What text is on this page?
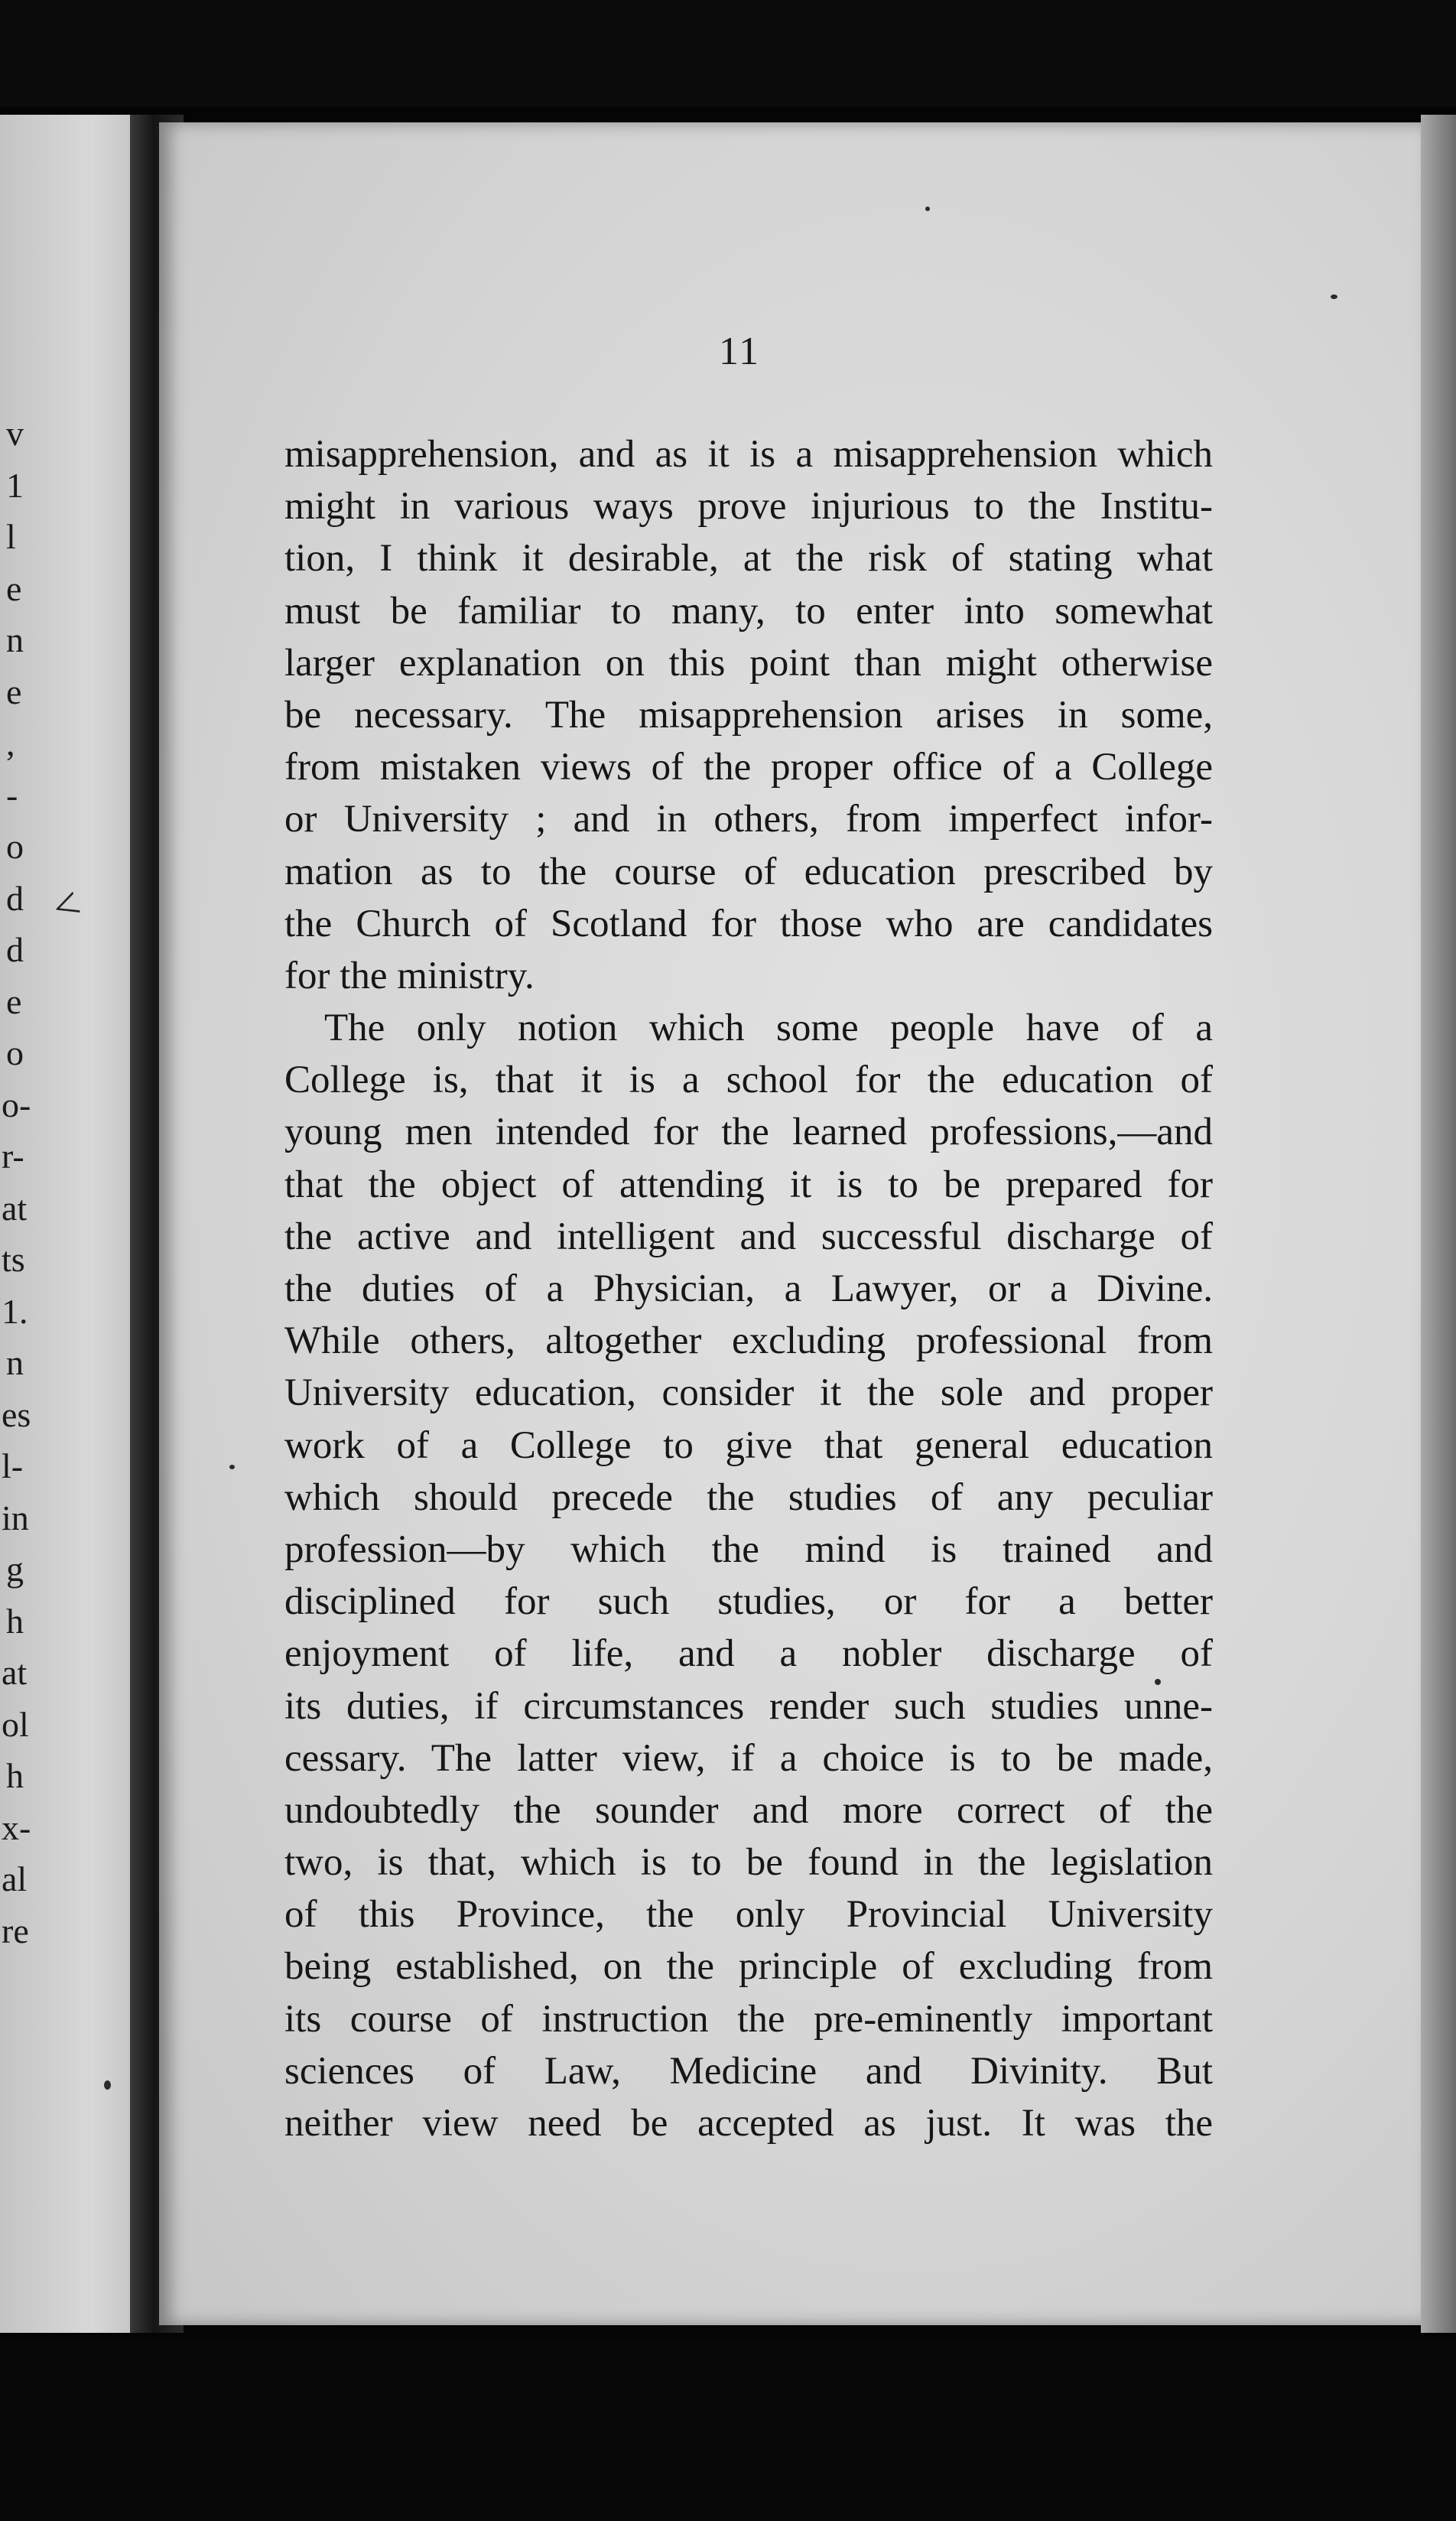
v
1
l
e
n
e
,
-
o
d
d
e
o
o-
r-
at
ts
1.
n
es
l-
in
g
h
at
ol
h
x-
al
re
11
misapprehension, and as it is a misapprehension which
might in various ways prove injurious to the Institu-
tion, I think it desirable, at the risk of stating what
must be familiar to many, to enter into somewhat
larger explanation on this point than might otherwise
be necessary. The misapprehension arises in some,
from mistaken views of the proper office of a College
or University ; and in others, from imperfect infor-
mation as to the course of education prescribed by
the Church of Scotland for those who are candidates
for the ministry.
The only notion which some people have of a
College is, that it is a school for the education of
young men intended for the learned professions,—and
that the object of attending it is to be prepared for
the active and intelligent and successful discharge of
the duties of a Physician, a Lawyer, or a Divine.
While others, altogether excluding professional from
University education, consider it the sole and proper
work of a College to give that general education
which should precede the studies of any peculiar
profession—by which the mind is trained and
disciplined for such studies, or for a better
enjoyment of life, and a nobler discharge of
its duties, if circumstances render such studies unne-
cessary. The latter view, if a choice is to be made,
undoubtedly the sounder and more correct of the
two, is that, which is to be found in the legislation
of this Province, the only Provincial University
being established, on the principle of excluding from
its course of instruction the pre-eminently important
sciences of Law, Medicine and Divinity. But
neither view need be accepted as just. It was the
<
